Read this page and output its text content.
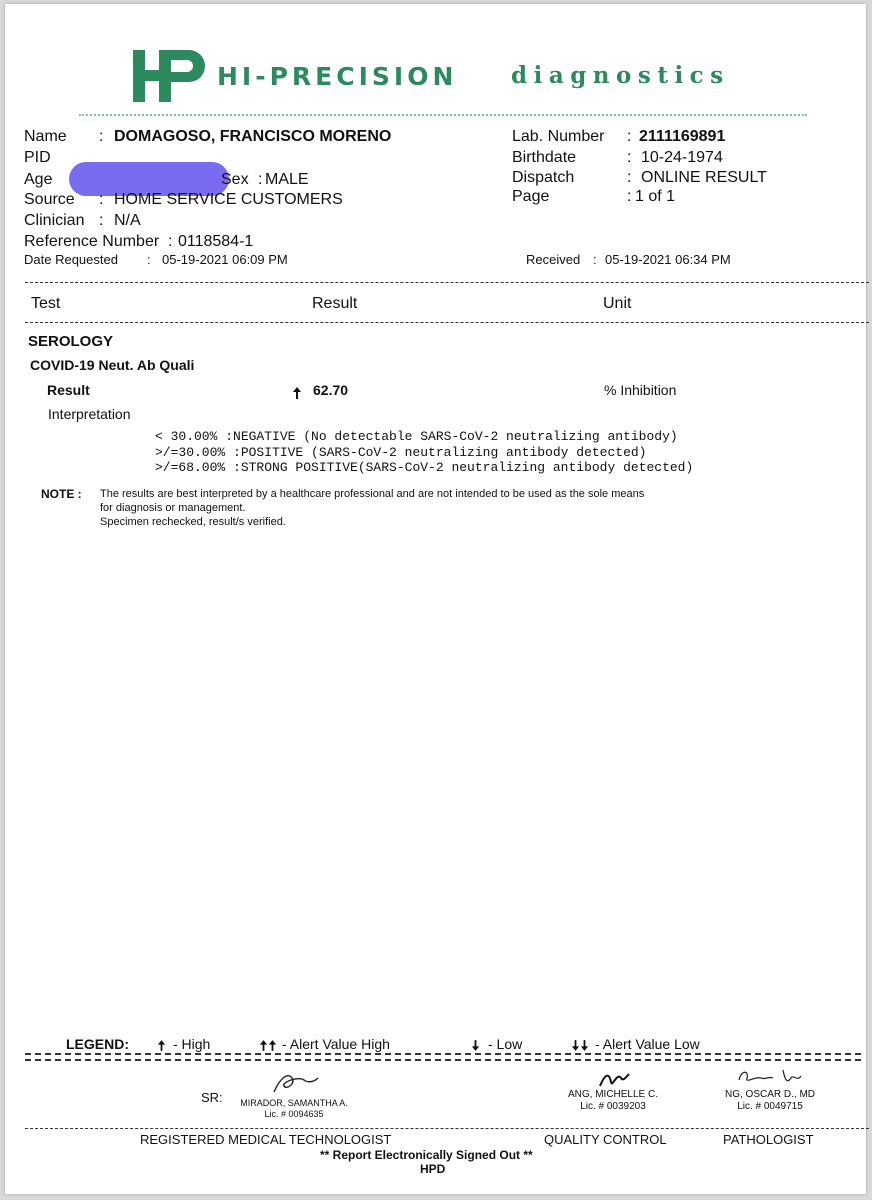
D HI-PRECISION diagnostics
Name : DOMAGOSO, FRANCISCO MORENO
PID
Age	Sex : MALE
Source : HOME SERVICE CUSTOMERS
Clinician : N/A
Reference Number : 0118584-1
Date Requested : 05-19-2021 06:09 PM
Lab. Number : 2111169891
Birthdate	: 10-24-1974
Dispatch	: ONLINE RESULT
Page	: 1 of 1
Received : 05-19-2021 06:34 PM
Test	Result	Unit
SEROLOGY
COVID-19 Neut. Ab Quali
Result	62.70	% Inhibition
Interpretation
< 30.00% :NEGATIVE (No detectable SARS-CoV-2 neutralizing antibody)
>/=30.00% :POSITIVE (SARS-CoV-2 neutralizing antibody detected)
>/=68.00% :STRONG POSITIVE(SARS-CoV-2 neutralizing antibody detected)
NOTE : The results are best interpreted by a healthcare professional and are not intended to be used as the sole means
for diagnosis or management.
Specimen rechecked, result/s verified.
LEGEND:	- High	- Alert Value High	- Low	- Alert Value Low
SR:	MIRADOR, SAMANTHA A.
Lic. # 0094635
ANG, MICHELLE C.
Lic. # 0039203
NG, OSCAR D., MD
Lic. # 0049715
REGISTERED MEDICAL TECHNOLOGIST	QUALITY CONTROL	PATHOLOGIST
** Report Electronically Signed Out **
HPD
